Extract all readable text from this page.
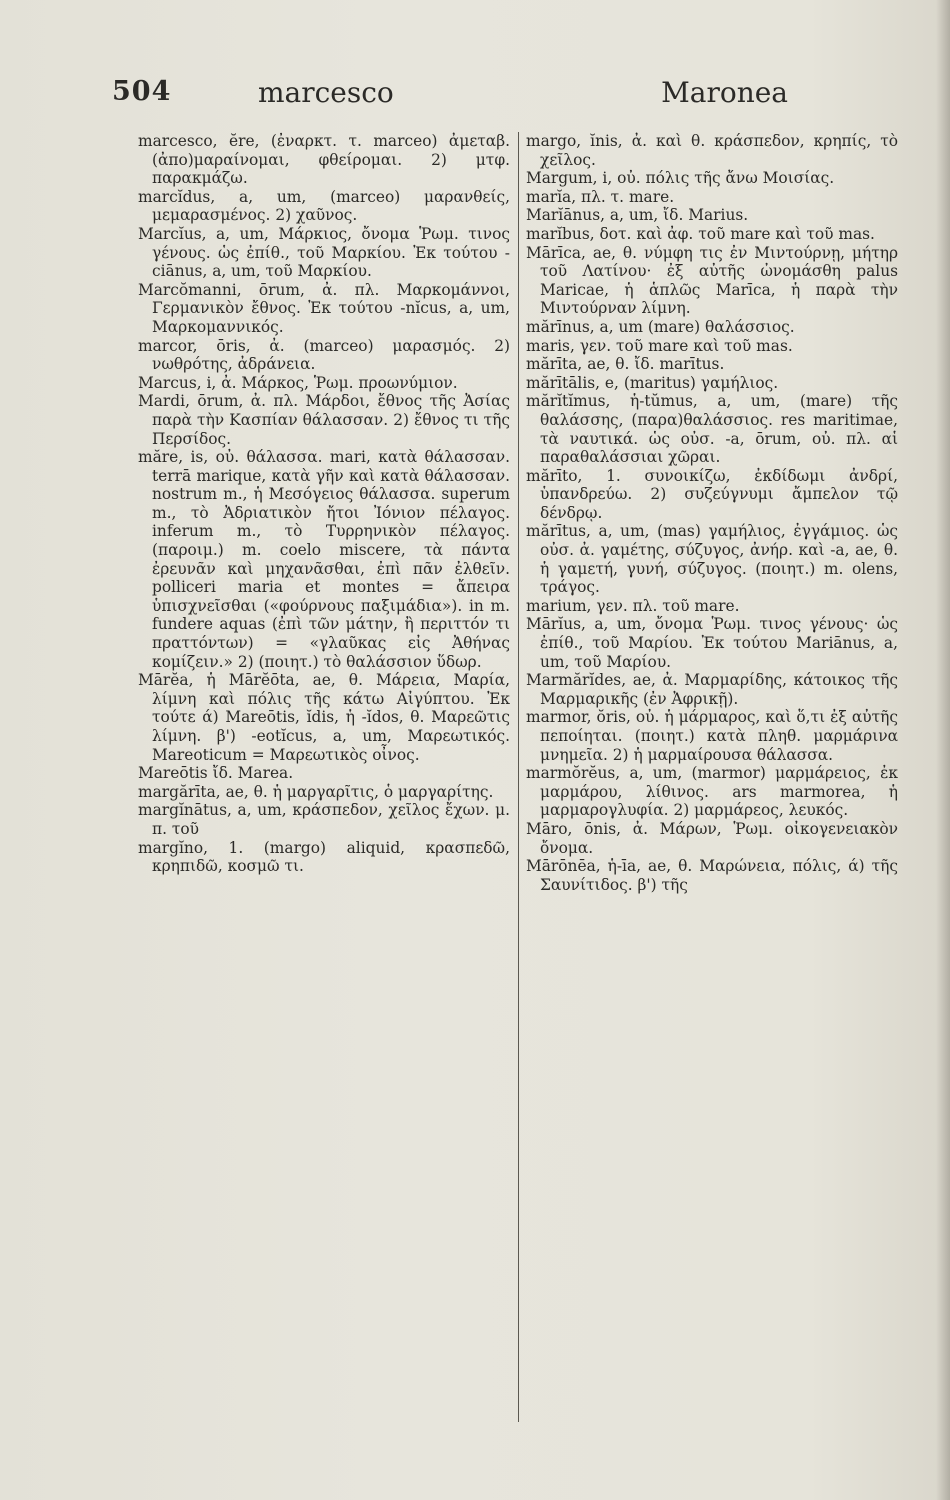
504	marcesco	Maronea

marcesco, ĕre, (ἐναρκτ. τ. marceo) ἀμεταβ. (ἀπο)μαραίνομαι, φθείρομαι. 2) μτφ. παρακμάζω.

marcĭdus, a, um, (marceo) μαρανθείς, μεμαρασμένος. 2) χαῦνος.

Marcĭus, a, um, Μάρκιος, ὄνομα Ῥωμ. τινος γένους. ὡς ἐπίθ., τοῦ Μαρκίου. Ἐκ τούτου -ciānus, a, um, τοῦ Μαρκίου.

Marcŏmanni, ōrum, ἀ. πλ. Μαρκομάννοι, Γερμανικὸν ἔθνος. Ἐκ τούτου -nĭcus, a, um, Μαρκομαννικός.

marcor, ōris, ἀ. (marceo) μαρασμός. 2) νωθρότης, ἀδράνεια.

Marcus, i, ἀ. Μάρκος, Ῥωμ. προωνύμιον.

Mardi, ōrum, ἀ. πλ. Μάρδοι, ἔθνος τῆς Ἀσίας παρὰ τὴν Κασπίαν θάλασσαν. 2) ἔθνος τι τῆς Περσίδος.

măre, is, οὐ. θάλασσα. mari, κατὰ θάλασσαν. terrā marique, κατὰ γῆν καὶ κατὰ θάλασσαν. nostrum m., ἡ Μεσόγειος θάλασσα. superum m., τὸ Ἀδριατικὸν ἤτοι Ἰόνιον πέλαγος. inferum m., τὸ Τυρρηνικὸν πέλαγος. (παροιμ.) m. coelo miscere, τὰ πάντα ἐρευνᾶν καὶ μηχανᾶσθαι, ἐπὶ πᾶν ἐλθεῖν. polliceri maria et montes = ἄπειρα ὑπισχνεῖσθαι («φούρνους παξιμάδια»). in m. fundere aquas (ἐπὶ τῶν μάτην, ἢ περιττόν τι πραττόντων) = «γλαῦκας εἰς Ἀθήνας κομίζειν.» 2) (ποιητ.) τὸ θαλάσσιον ὕδωρ.

Mārĕa, ἡ Mārĕōta, ae, θ. Μάρεια, Μαρία, λίμνη καὶ πόλις τῆς κάτω Αἰγύπτου. Ἐκ τούτε ά) Mareōtis, ĭdis, ἡ -ĭdos, θ. Μαρεῶτις λίμνη. β') -eotĭcus, a, um, Μαρεωτικός. Mareoticum = Μαρεωτικὸς οἶνος.

Mareōtis ἴδ. Marea.

margărīta, ae, θ. ἡ μαργαρῖτις, ὁ μαργαρίτης.

margĭnātus, a, um, κράσπεδον, χεῖλος ἔχων. μ. π. τοῦ

margĭno, 1. (margo) aliquid, κρασπεδῶ, κρηπιδῶ, κοσμῶ τι.

margo, ĭnis, ἀ. καὶ θ. κράσπεδον, κρηπίς, τὸ χεῖλος.

Margum, i, οὐ. πόλις τῆς ἄνω Μοισίας.

marĭa, πλ. τ. mare.

Marĭānus, a, um, ἴδ. Marius.

marĭbus, δοτ. καὶ ἀφ. τοῦ mare καὶ τοῦ mas.

Mārīca, ae, θ. νύμφη τις ἐν Μιντούρνῃ, μήτηρ τοῦ Λατίνου· ἐξ αὐτῆς ὠνομάσθη palus Maricae, ἡ ἁπλῶς Marīca, ἡ παρὰ τὴν Μιντούρναν λίμνη.

mărīnus, a, um (mare) θαλάσσιος.

maris, γεν. τοῦ mare καὶ τοῦ mas.

mărīta, ae, θ. ἴδ. marītus.

mărītālis, e, (maritus) γαμήλιος.

mărĭtĭmus, ἡ-tŭmus, a, um, (mare) τῆς θαλάσσης, (παρα)θαλάσσιος. res maritimae, τὰ ναυτικά. ὡς οὐσ. -a, ōrum, οὐ. πλ. αἱ παραθαλάσσιαι χῶραι.

mărīto, 1. συνοικίζω, ἐκδίδωμι ἀνδρί, ὑπανδρεύω. 2) συζεύγνυμι ἄμπελον τῷ δένδρῳ.

mărītus, a, um, (mas) γαμήλιος, ἐγγάμιος. ὡς οὐσ. ἀ. γαμέτης, σύζυγος, ἀνήρ. καὶ -a, ae, θ. ἡ γαμετή, γυνή, σύζυγος. (ποιητ.) m. olens, τράγος.

marium, γεν. πλ. τοῦ mare.

Mārĭus, a, um, ὄνομα Ῥωμ. τινος γένους· ὡς ἐπίθ., τοῦ Μαρίου. Ἐκ τούτου Mariānus, a, um, τοῦ Μαρίου.

Marmărĭdes, ae, ἀ. Μαρμαρίδης, κάτοικος τῆς Μαρμαρικῆς (ἐν Ἀφρικῇ).

marmor, ŏris, οὐ. ἡ μάρμαρος, καὶ ὅ,τι ἐξ αὐτῆς πεποίηται. (ποιητ.) κατὰ πληθ. μαρμάρινα μνημεῖα. 2) ἡ μαρμαίρουσα θάλασσα.

marmŏrĕus, a, um, (marmor) μαρμάρειος, ἐκ μαρμάρου, λίθινος. ars marmorea, ἡ μαρμαρογλυφία. 2) μαρμάρεος, λευκός.

Māro, ōnis, ἀ. Μάρων, Ῥωμ. οἰκογενειακὸν ὄνομα.

Mārōnēa, ἡ-īa, ae, θ. Μαρώνεια, πόλις, ά) τῆς Σαυνίτιδος. β') τῆς
